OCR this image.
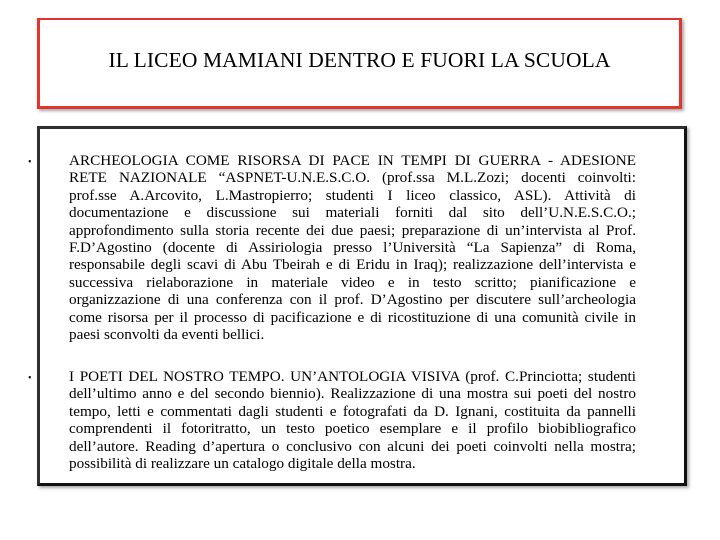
IL LICEO MAMIANI DENTRO E FUORI LA SCUOLA
• ARCHEOLOGIA COME RISORSA DI PACE IN TEMPI DI GUERRA - ADESIONE RETE NAZIONALE “ASPNET-U.N.E.S.C.O. (prof.ssa M.L.Zozi; docenti coinvolti: prof.sse A.Arcovito, L.Mastropierro; studenti I liceo classico, ASL). Attività di documentazione e discussione sui materiali forniti dal sito dell’U.N.E.S.C.O.; approfondimento sulla storia recente dei due paesi; preparazione di un’intervista al Prof. F.D’Agostino (docente di Assiriologia presso l’Università “La Sapienza” di Roma, responsabile degli scavi di Abu Tbeirah e di Eridu in Iraq); realizzazione dell’intervista e successiva rielaborazione in materiale video e in testo scritto; pianificazione e organizzazione di una conferenza con il prof. D’Agostino per discutere sull’archeologia come risorsa per il processo di pacificazione e di ricostituzione di una comunità civile in paesi sconvolti da eventi bellici.

• I POETI DEL NOSTRO TEMPO. UN’ANTOLOGIA VISIVA (prof. C.Princiotta; studenti dell’ultimo anno e del secondo biennio). Realizzazione di una mostra sui poeti del nostro tempo, letti e commentati dagli studenti e fotografati da D. Ignani, costituita da pannelli comprendenti il fotoritratto, un testo poetico esemplare e il profilo biobibliografico dell’autore. Reading d’apertura o conclusivo con alcuni dei poeti coinvolti nella mostra; possibilità di realizzare un catalogo digitale della mostra.
